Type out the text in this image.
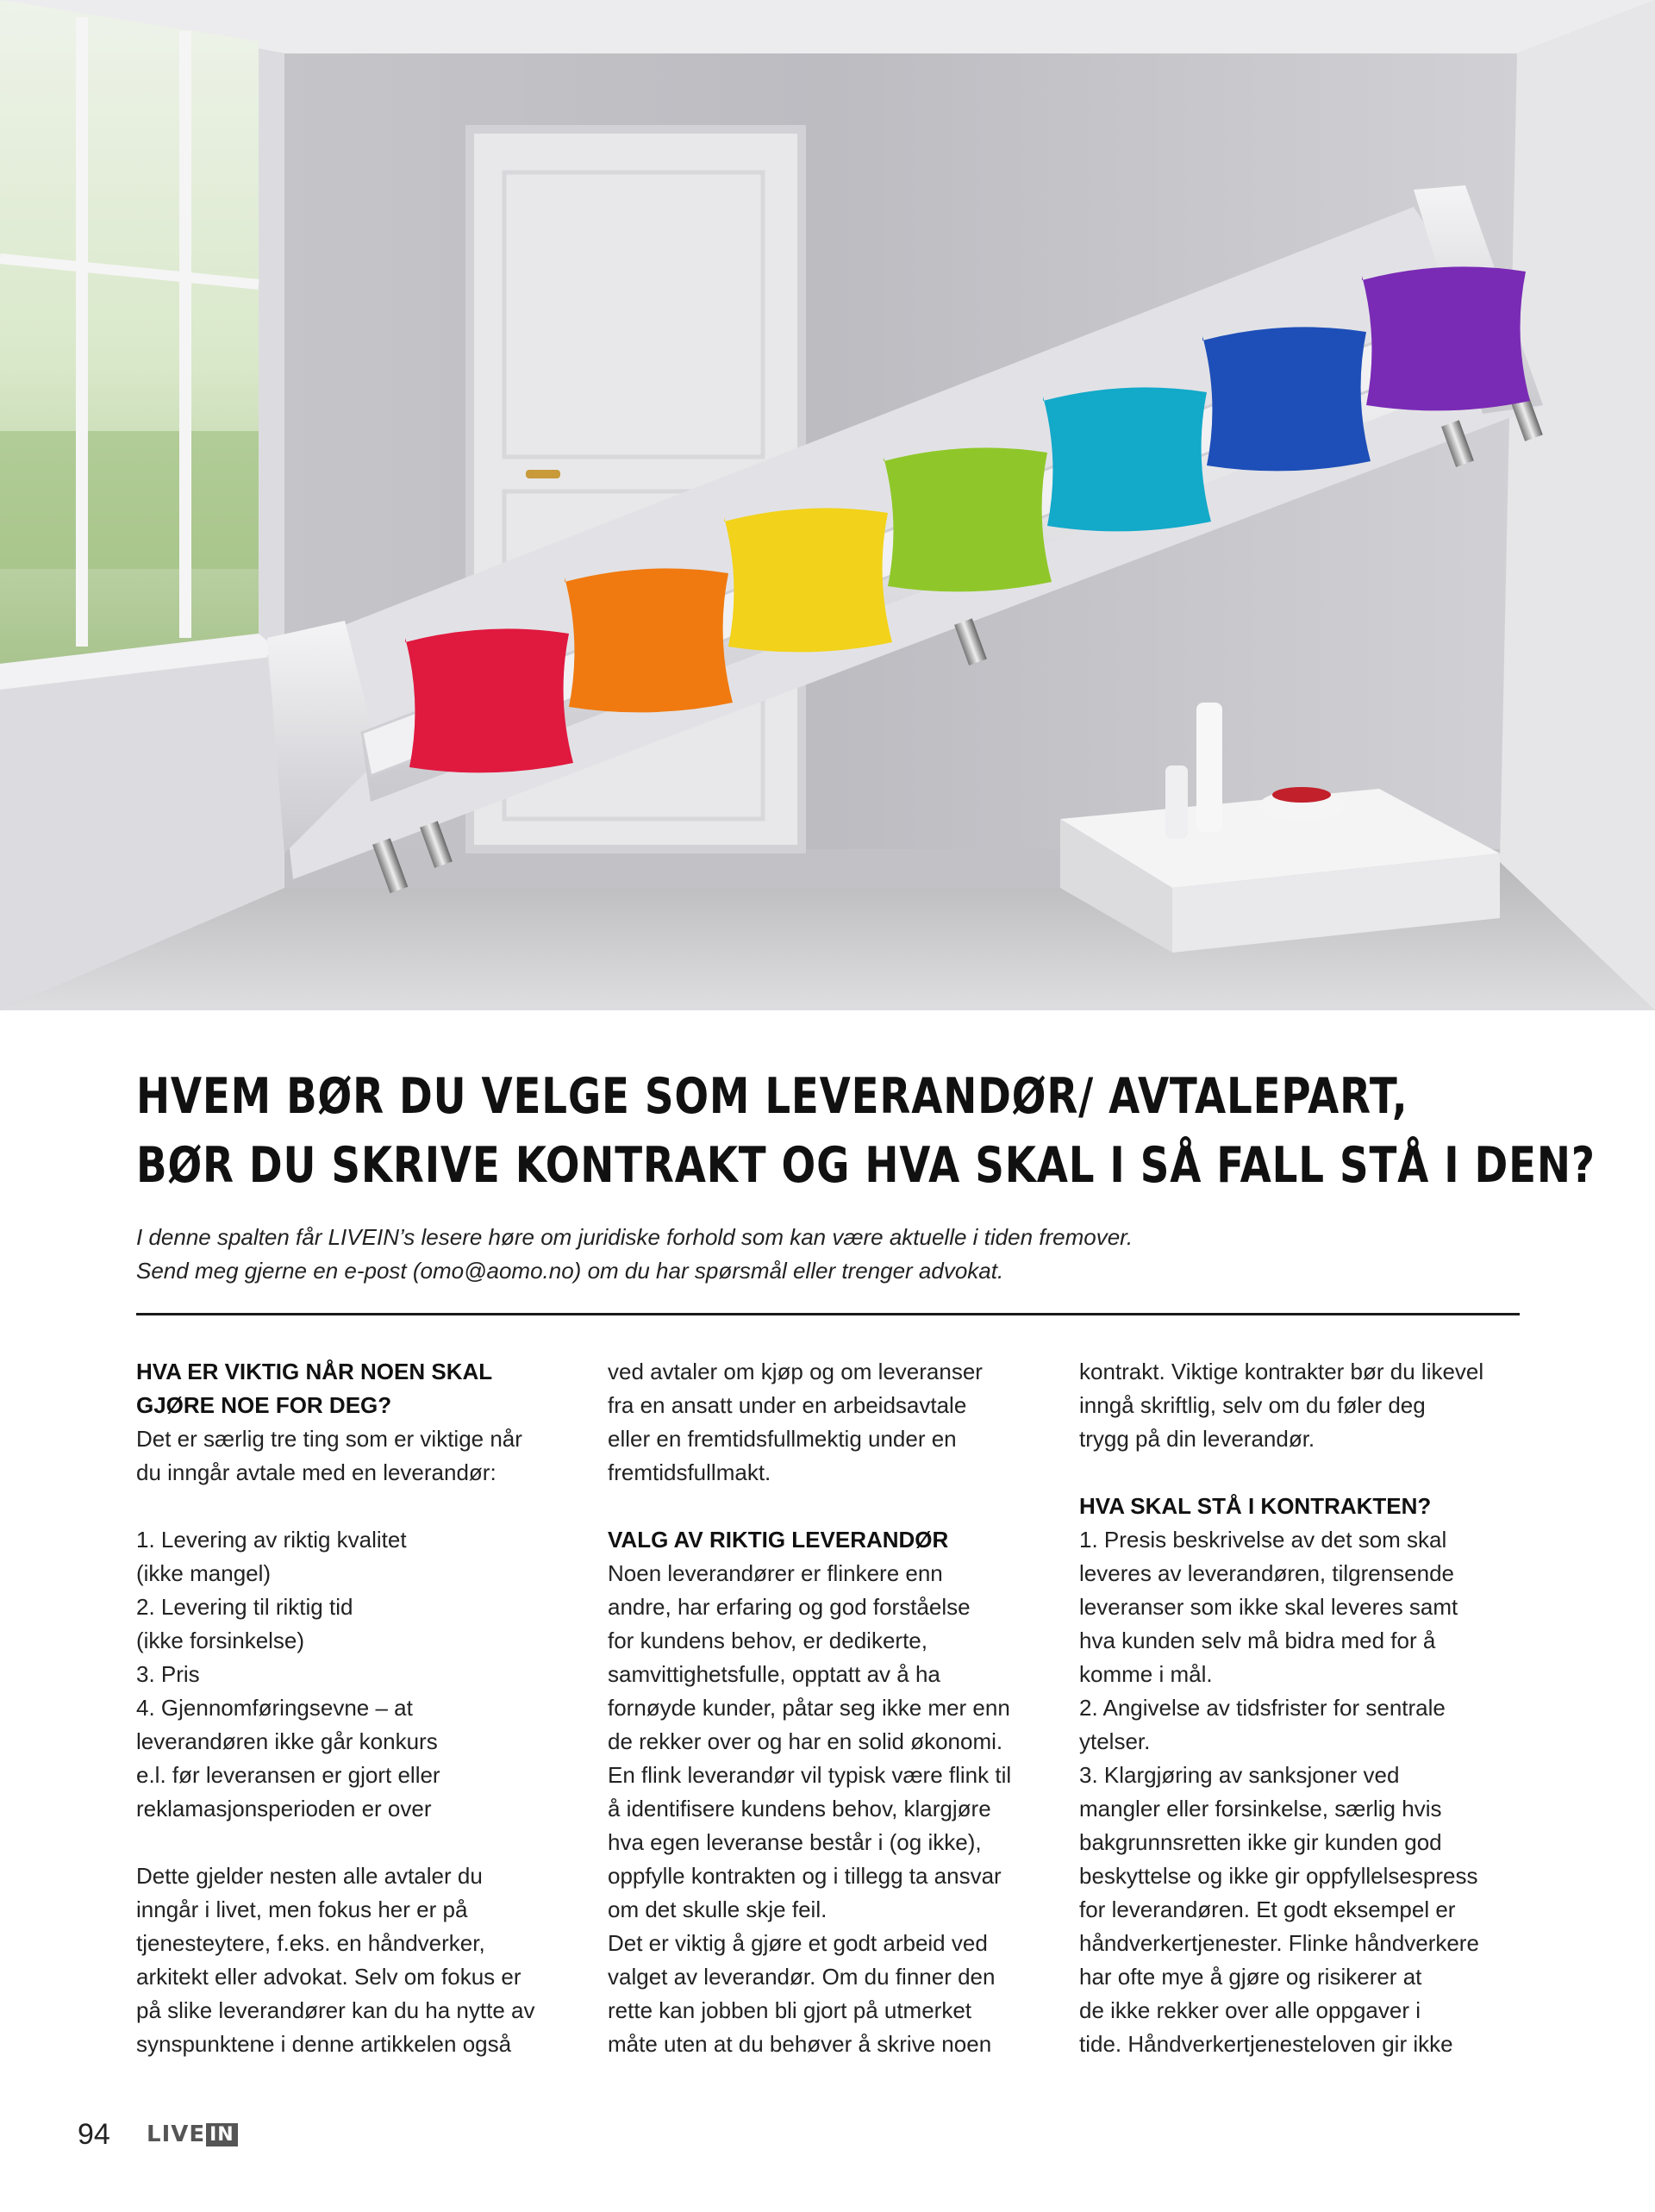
HVEM BØR DU VELGE SOM LEVERANDØR/ AVTALEPART,
BØR DU SKRIVE KONTRAKT OG HVA SKAL I SÅ FALL STÅ I DEN?
I denne spalten får LIVEIN’s lesere høre om juridiske forhold som kan være aktuelle i tiden fremover.
Send meg gjerne en e-post (omo@aomo.no) om du har spørsmål eller trenger advokat.
HVA ER VIKTIG NÅR NOEN SKAL
GJØRE NOE FOR DEG?

Det er særlig tre ting som er viktige når
du inngår avtale med en leverandør:

1. Levering av riktig kvalitet
(ikke mangel)
2. Levering til riktig tid
(ikke forsinkelse)
3. Pris
4. Gjennomføringsevne – at
leverandøren ikke går konkurs
e.l. før leveransen er gjort eller
reklamasjonsperioden er over

Dette gjelder nesten alle avtaler du
inngår i livet, men fokus her er på
tjenesteytere, f.eks. en håndverker,
arkitekt eller advokat. Selv om fokus er
på slike leverandører kan du ha nytte av
synspunktene i denne artikkelen også

ved avtaler om kjøp og om leveranser
fra en ansatt under en arbeidsavtale
eller en fremtidsfullmektig under en
fremtidsfullmakt.

VALG AV RIKTIG LEVERANDØR

Noen leverandører er flinkere enn
andre, har erfaring og god forståelse
for kundens behov, er dedikerte,
samvittighetsfulle, opptatt av å ha
fornøyde kunder, påtar seg ikke mer enn
de rekker over og har en solid økonomi.
En flink leverandør vil typisk være flink til
å identifisere kundens behov, klargjøre
hva egen leveranse består i (og ikke),
oppfylle kontrakten og i tillegg ta ansvar
om det skulle skje feil.

Det er viktig å gjøre et godt arbeid ved
valget av leverandør. Om du finner den
rette kan jobben bli gjort på utmerket
måte uten at du behøver å skrive noen

kontrakt. Viktige kontrakter bør du likevel
inngå skriftlig, selv om du føler deg
trygg på din leverandør.

HVA SKAL STÅ I KONTRAKTEN?

1. Presis beskrivelse av det som skal
leveres av leverandøren, tilgrensende
leveranser som ikke skal leveres samt
hva kunden selv må bidra med for å
komme i mål.
2. Angivelse av tidsfrister for sentrale
ytelser.
3. Klargjøring av sanksjoner ved
mangler eller forsinkelse, særlig hvis
bakgrunnsretten ikke gir kunden god
beskyttelse og ikke gir oppfyllelsespress
for leverandøren. Et godt eksempel er
håndverkertjenester. Flinke håndverkere
har ofte mye å gjøre og risikerer at
de ikke rekker over alle oppgaver i
tide. Håndverkertjenesteloven gir ikke

94 LIVE IN
